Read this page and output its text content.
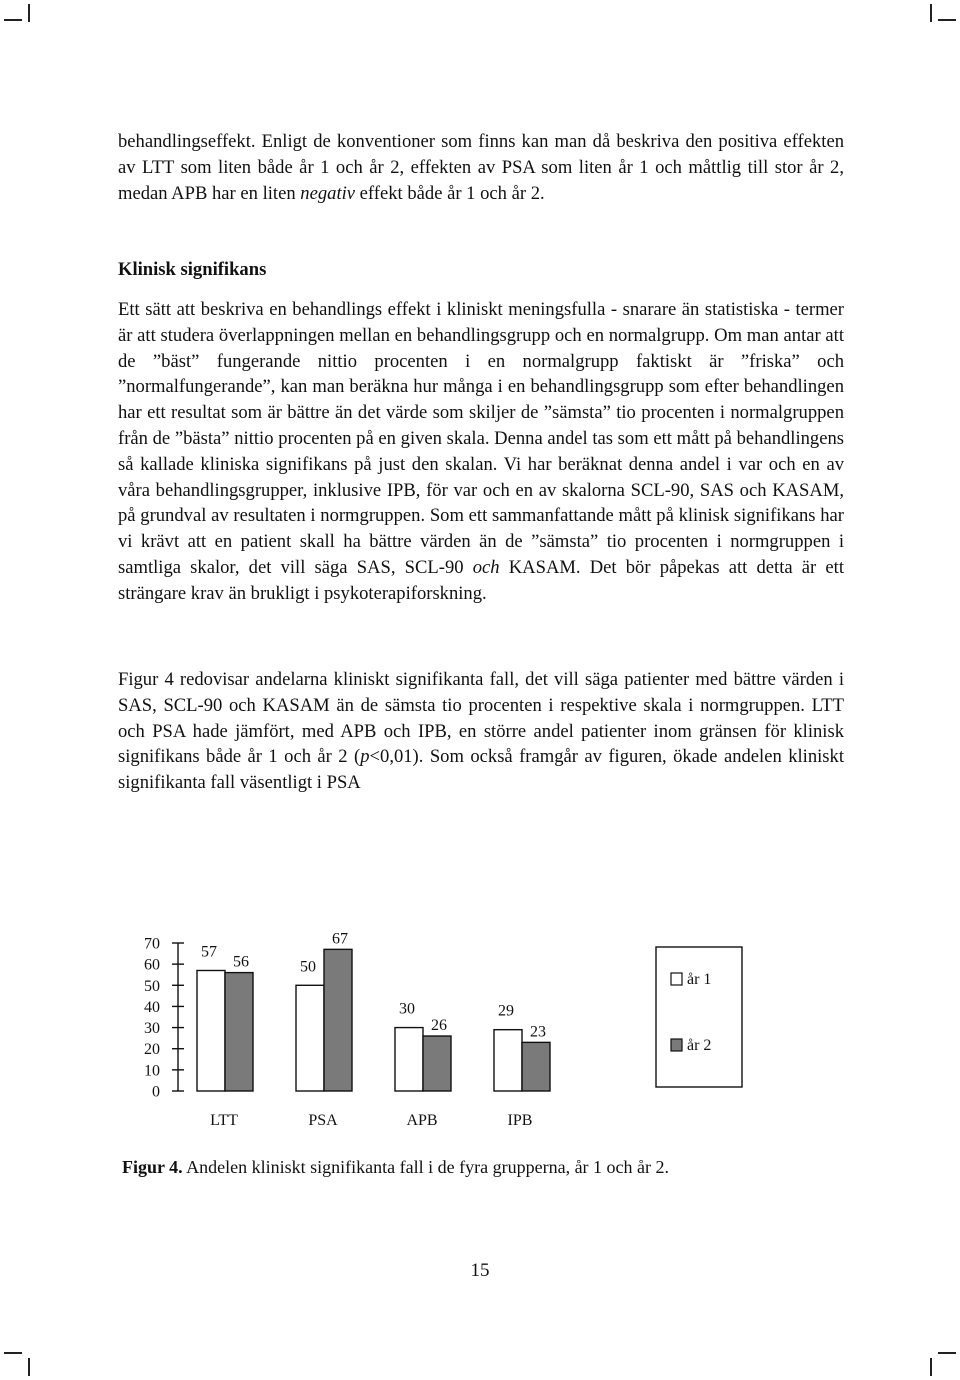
behandlingseffekt. Enligt de konventioner som finns kan man då beskriva den positiva effekten av LTT som liten både år 1 och år 2, effekten av PSA som liten år 1 och måttlig till stor år 2, medan APB har en liten negativ effekt både år 1 och år 2.

Klinisk signifikans

Ett sätt att beskriva en behandlings effekt i kliniskt meningsfulla - snarare än statistiska - termer är att studera överlappningen mellan en behandlingsgrupp och en normalgrupp. Om man antar att de ”bäst” fungerande nittio procenten i en normalgrupp faktiskt är ”friska” och ”normalfungerande”, kan man beräkna hur många i en behandlingsgrupp som efter behandlingen har ett resultat som är bättre än det värde som skiljer de ”sämsta” tio procenten i normalgruppen från de ”bästa” nittio procenten på en given skala. Denna andel tas som ett mått på behandlingens så kallade kliniska signifikans på just den skalan. Vi har beräknat denna andel i var och en av våra behandlingsgrupper, inklusive IPB, för var och en av skalorna SCL-90, SAS och KASAM, på grundval av resultaten i normgruppen. Som ett sammanfattande mått på klinisk signifikans har vi krävt att en patient skall ha bättre värden än de ”sämsta” tio procenten i normgruppen i samtliga skalor, det vill säga SAS, SCL-90 och KASAM. Det bör påpekas att detta är ett strängare krav än brukligt i psykoterapiforskning.

Figur 4 redovisar andelarna kliniskt signifikanta fall, det vill säga patienter med bättre värden i SAS, SCL-90 och KASAM än de sämsta tio procenten i respektive skala i normgruppen. LTT och PSA hade jämfört, med APB och IPB, en större andel patienter inom gränsen för klinisk signifikans både år 1 och år 2 (p<0,01). Som också framgår av figuren, ökade andelen kliniskt signifikanta fall väsentligt i PSA

0
10
20
30
40
50
60
70	57
56
LTT
50
67
PSA
30
26
APB
29
23
IPB
år 1
år 2
Figur 4. Andelen kliniskt signifikanta fall i de fyra grupperna, år 1 och år 2.
15
